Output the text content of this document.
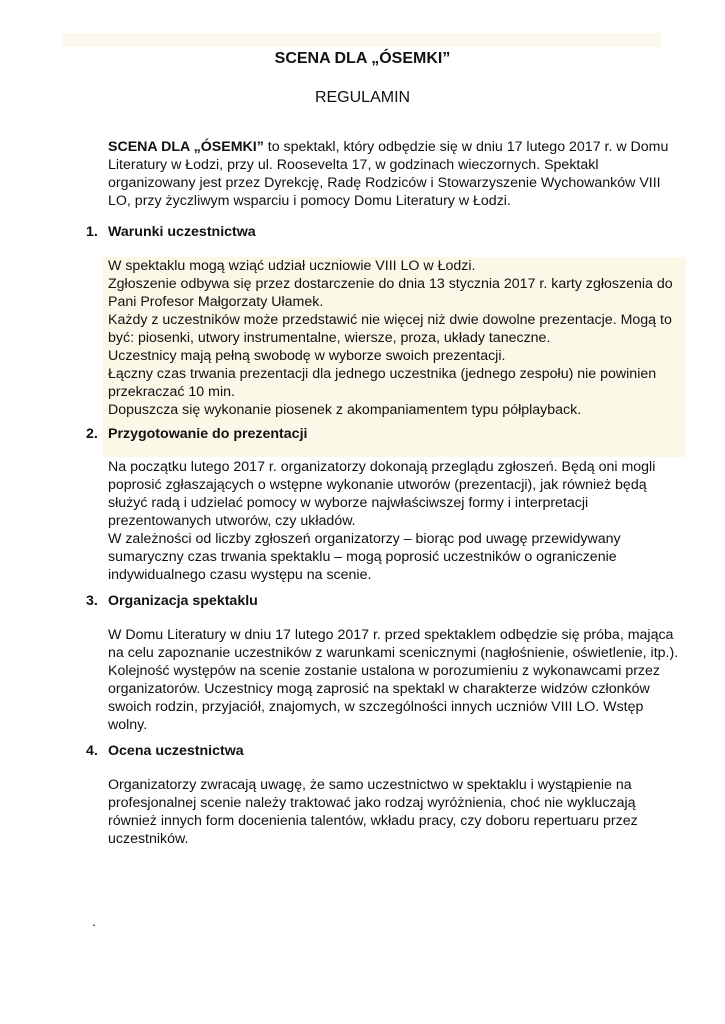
SCENA DLA „ÓSEMKI”
REGULAMIN

SCENA DLA „ÓSEMKI” to spektakl, który odbędzie się w dniu 17 lutego 2017 r. w Domu Literatury w Łodzi, przy ul. Roosevelta 17, w godzinach wieczornych. Spektakl organizowany jest przez Dyrekcję, Radę Rodziców i Stowarzyszenie Wychowanków VIII LO, przy życzliwym wsparciu i pomocy Domu Literatury w Łodzi.

1. Warunki uczestnictwa

W spektaklu mogą wziąć udział uczniowie VIII LO w Łodzi.

Zgłoszenie odbywa się przez dostarczenie do dnia 13 stycznia 2017 r. karty zgłoszenia do Pani Profesor Małgorzaty Ułamek.

Każdy z uczestników może przedstawić nie więcej niż dwie dowolne prezentacje. Mogą to być: piosenki, utwory instrumentalne, wiersze, proza, układy taneczne.

Uczestnicy mają pełną swobodę w wyborze swoich prezentacji.

Łączny czas trwania prezentacji dla jednego uczestnika (jednego zespołu) nie powinien przekraczać 10 min.

Dopuszcza się wykonanie piosenek z akompaniamentem typu półplayback.

2. Przygotowanie do prezentacji

Na początku lutego 2017 r. organizatorzy dokonają przeglądu zgłoszeń. Będą oni mogli poprosić zgłaszających o wstępne wykonanie utworów (prezentacji), jak również będą służyć radą i udzielać pomocy w wyborze najwłaściwszej formy i interpretacji prezentowanych utworów, czy układów.

W zależności od liczby zgłoszeń organizatorzy – biorąc pod uwagę przewidywany sumaryczny czas trwania spektaklu – mogą poprosić uczestników o ograniczenie indywidualnego czasu występu na scenie.

3. Organizacja spektaklu

W Domu Literatury w dniu 17 lutego 2017 r. przed spektaklem odbędzie się próba, mająca na celu zapoznanie uczestników z warunkami scenicznymi (nagłośnienie, oświetlenie, itp.). Kolejność występów na scenie zostanie ustalona w porozumieniu z wykonawcami przez organizatorów. Uczestnicy mogą zaprosić na spektakl w charakterze widzów członków swoich rodzin, przyjaciół, znajomych, w szczególności innych uczniów VIII LO. Wstęp wolny.

4. Ocena uczestnictwa

Organizatorzy zwracają uwagę, że samo uczestnictwo w spektaklu i wystąpienie na profesjonalnej scenie należy traktować jako rodzaj wyróżnienia, choć nie wykluczają również innych form docenienia talentów, wkładu pracy, czy doboru repertuaru przez uczestników.

.
